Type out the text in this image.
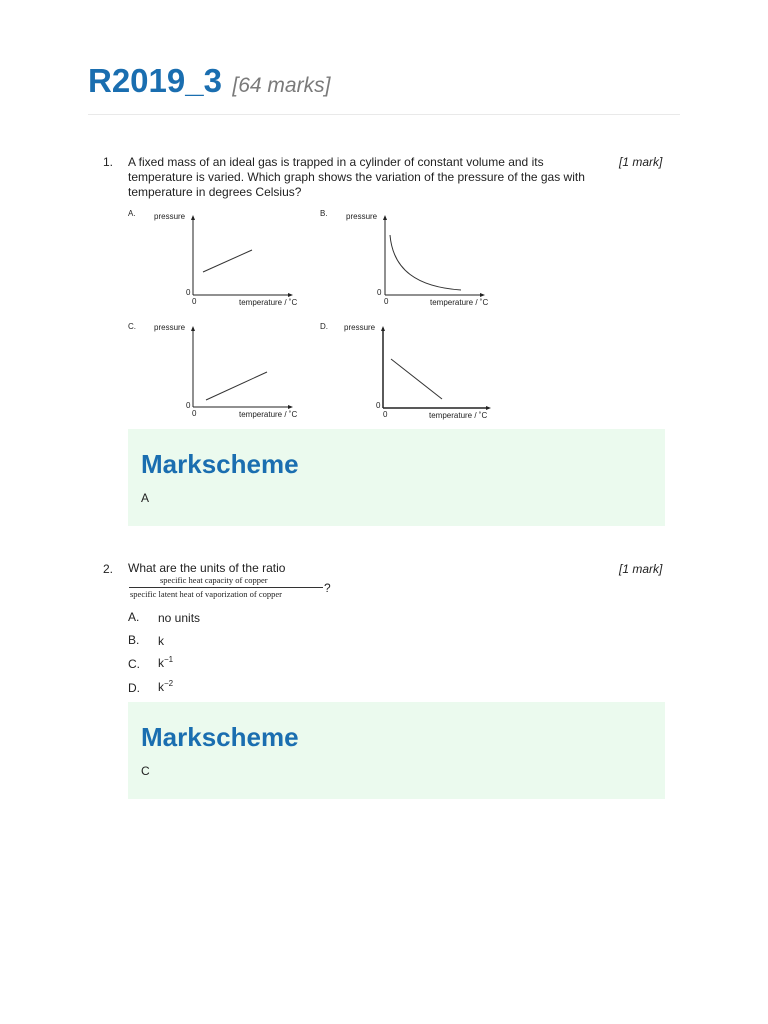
R2019_3 [64 marks]
1. A fixed mass of an ideal gas is trapped in a cylinder of constant volume and its
temperature is varied. Which graph shows the variation of the pressure of the gas with
temperature in degrees Celsius?
[1 mark]
A. pressure
0
0	temperature / ˚C
B. pressure
0
0	temperature / ˚C
C. pressure
0
0	temperature / ˚C
D. pressure
0
0	temperature / ˚C
Markscheme
A
2. What are the units of the ratio	[1 mark]
specific heat capacity of copper
specific latent heat of vaporization of copper	?
A. no units
B. k
C. $k^{-1}$
D. $k^{-2}$
Markscheme
C
